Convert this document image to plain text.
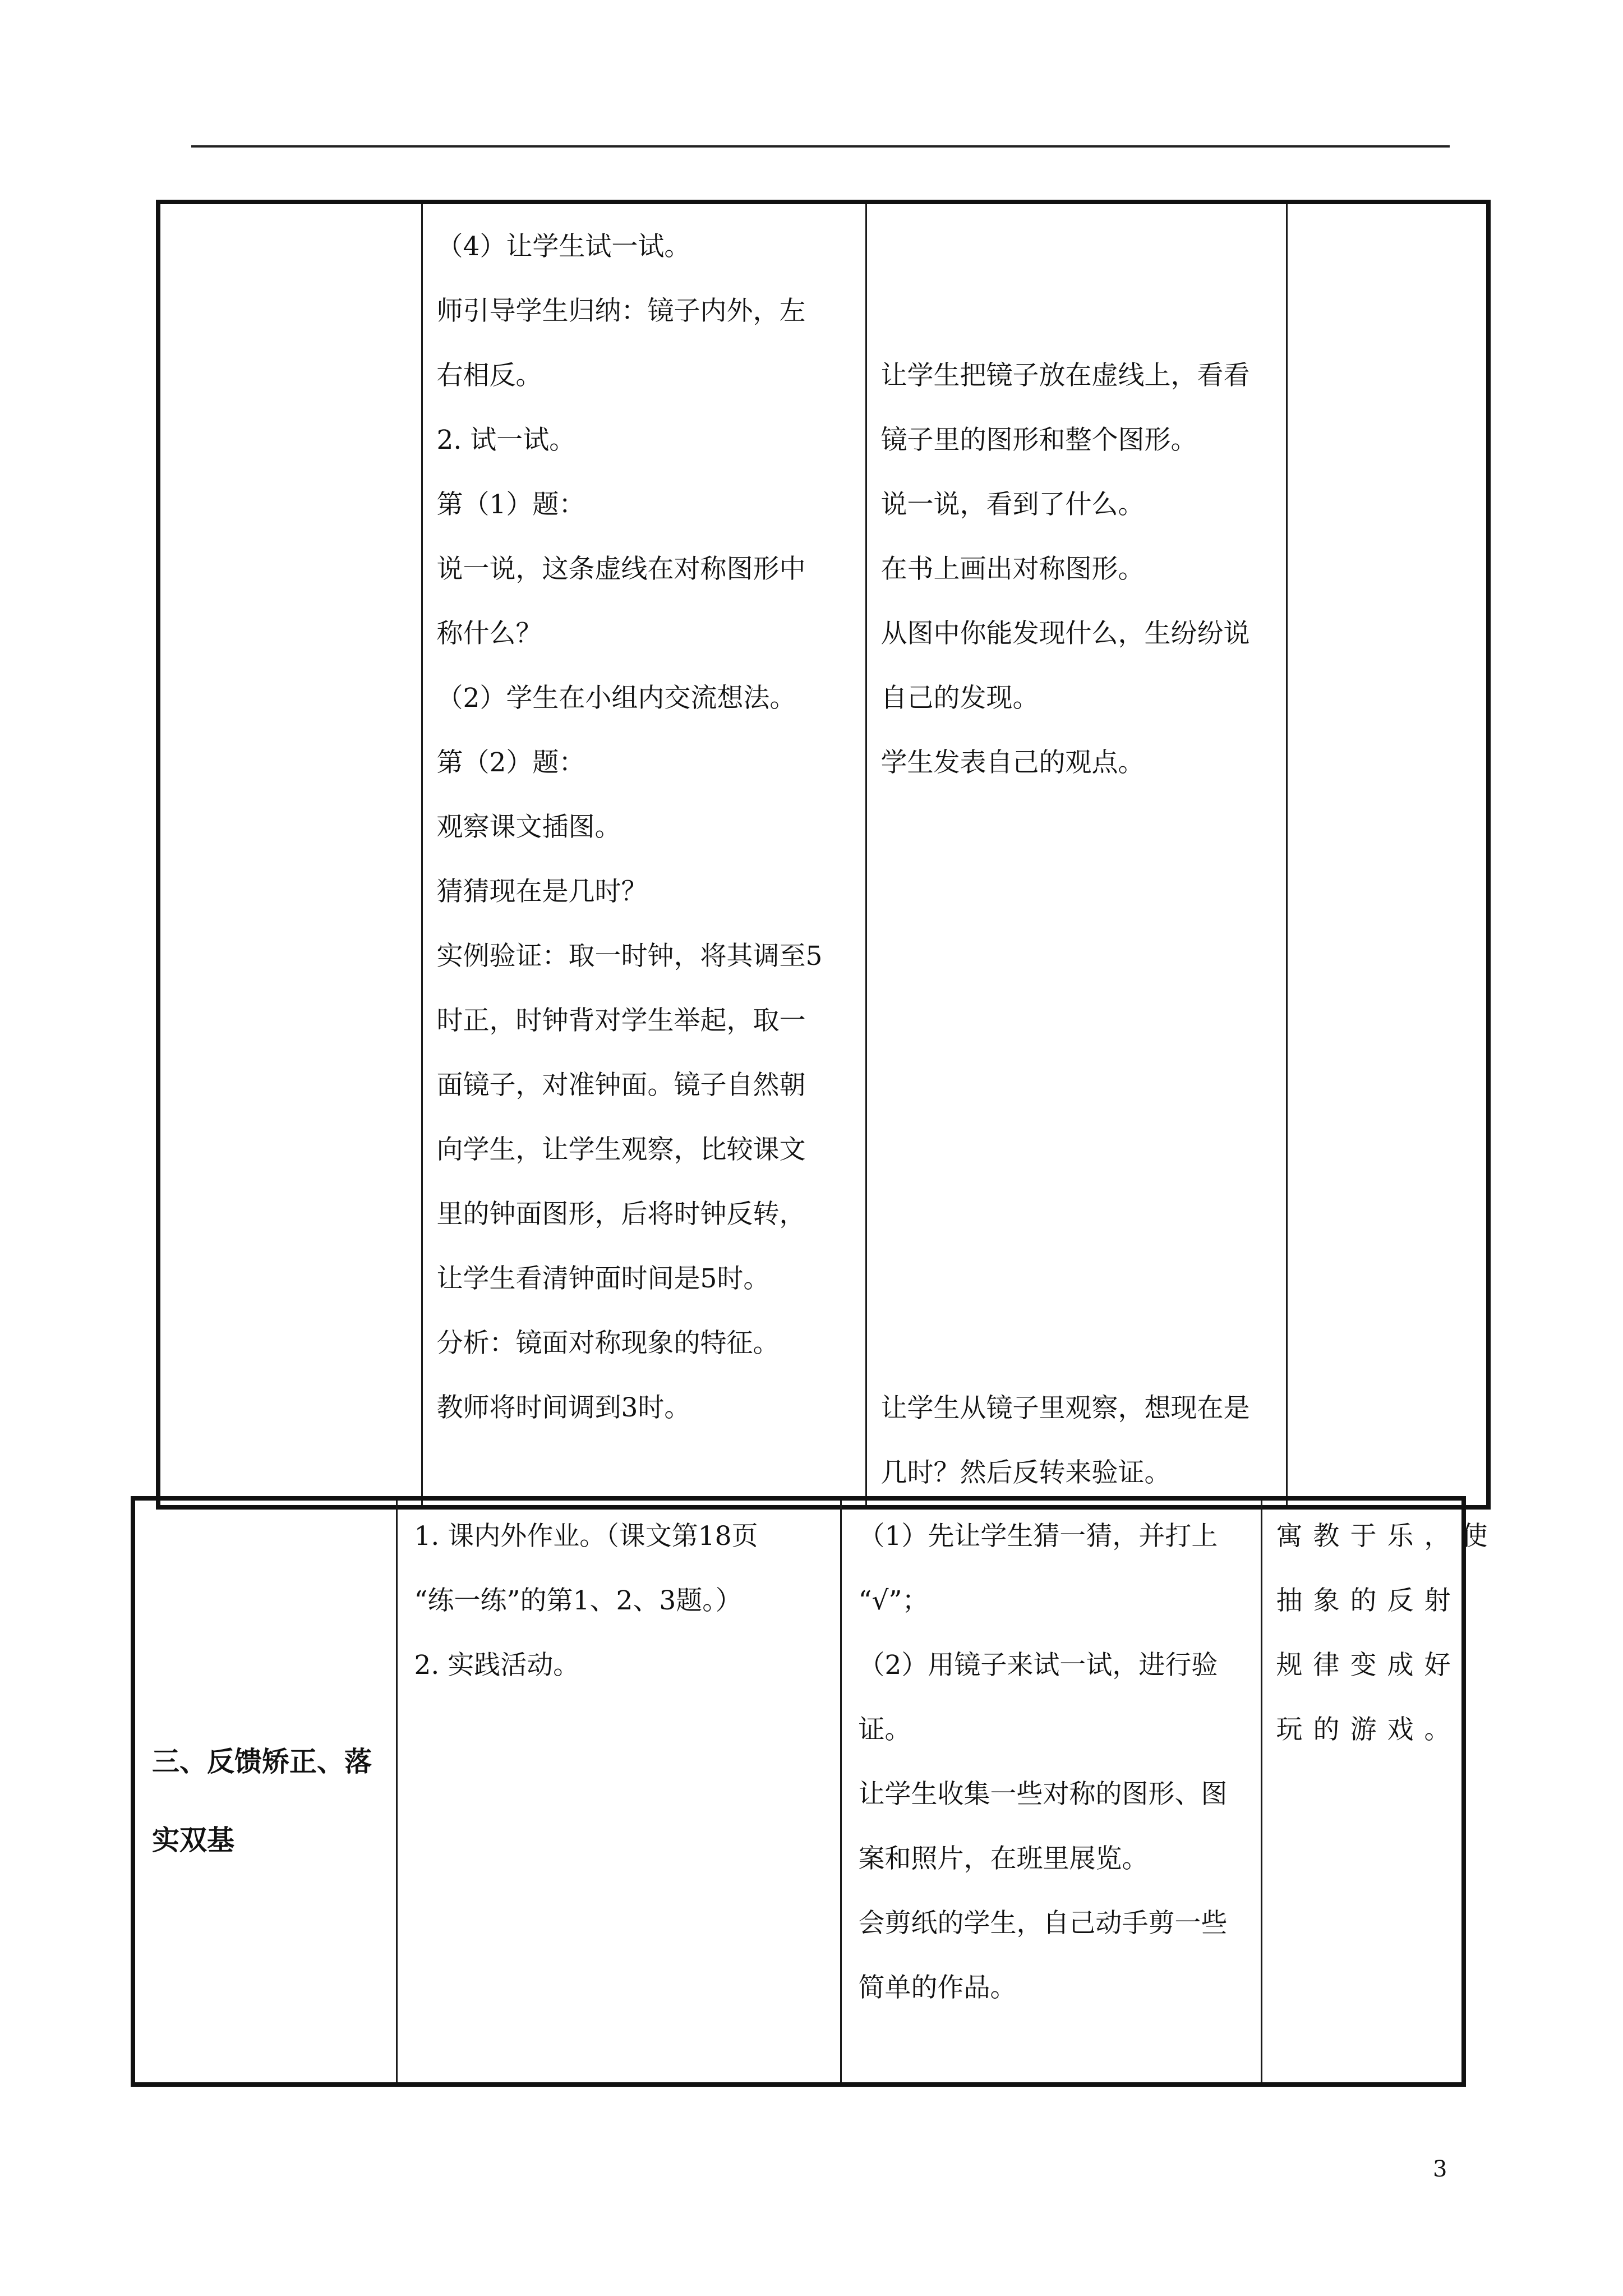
（4）让学生试一试。
师引导学生归纳：镜子内外，左
右相反。
2. 试一试。
第（1）题：
说一说，这条虚线在对称图形中
称什么？
（2）学生在小组内交流想法。
第（2）题：
观察课文插图。
猜猜现在是几时？
实例验证：取一时钟，将其调至5
时正，时钟背对学生举起，取一
面镜子，对准钟面。镜子自然朝
向学生，让学生观察，比较课文
里的钟面图形，后将时钟反转，
让学生看清钟面时间是5时。
分析：镜面对称现象的特征。
教师将时间调到3时。

让学生把镜子放在虚线上，看看
镜子里的图形和整个图形。
说一说，看到了什么。
在书上画出对称图形。
从图中你能发现什么，生纷纷说
自己的发现。
学生发表自己的观点。
让学生从镜子里观察，想现在是
几时？然后反转来验证。

三、反馈矫正、落
实双基

1. 课内外作业。（课文第18页
“练一练”的第1、2、3题。）
2. 实践活动。

（1）先让学生猜一猜，并打上
“√”；
（2）用镜子来试一试，进行验
证。
让学生收集一些对称的图形、图
案和照片，在班里展览。
会剪纸的学生，自己动手剪一些
简单的作品。

寓教于乐，使
抽象的反射
规律变成好
玩的游戏。
3
